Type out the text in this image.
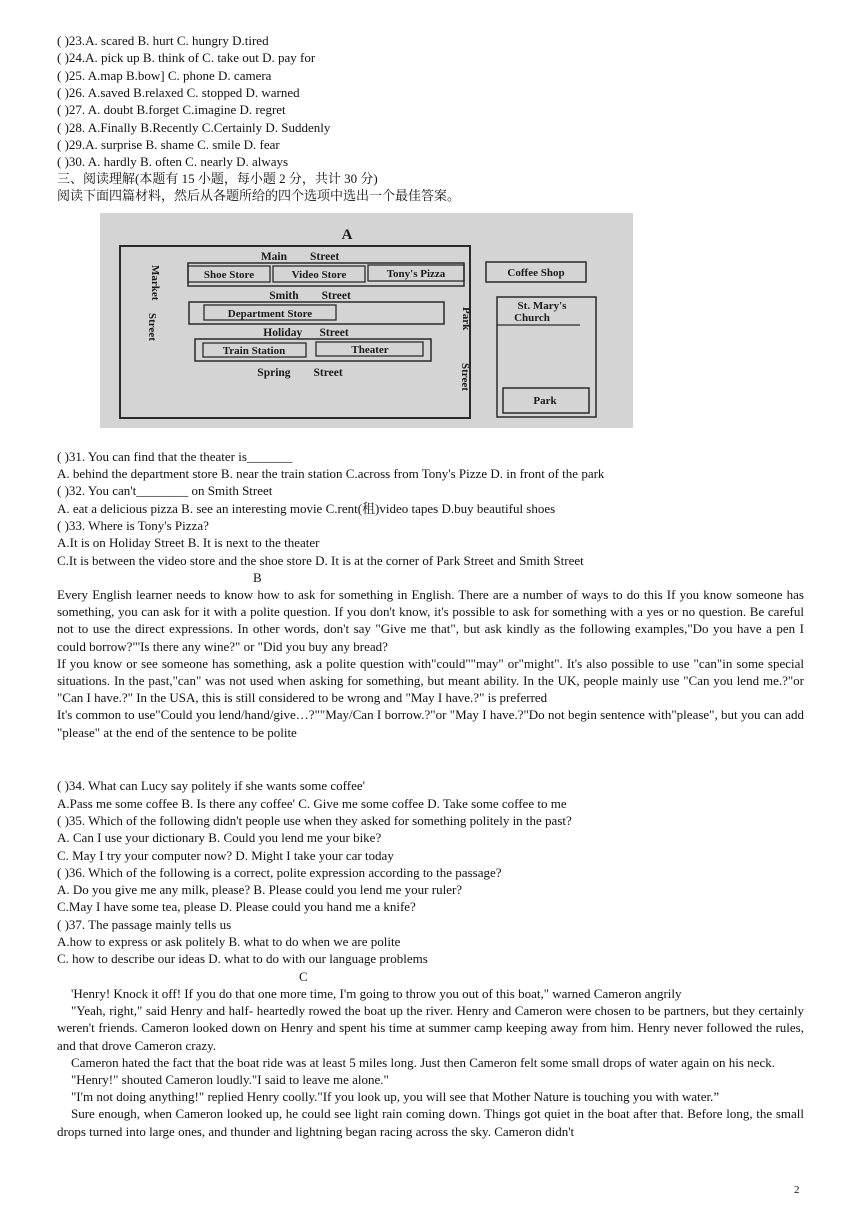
( )23.A. scared B. hurt C. hungry D.tired
( )24.A. pick up B. think of C. take out D. pay for
( )25. A.map B.bow] C. phone D. camera
( )26. A.saved B.relaxed C. stopped D. warned
( )27. A. doubt B.forget C.imagine D. regret
( )28. A.Finally B.Recently C.Certainly D. Suddenly
( )29.A. surprise B. shame C. smile D. fear
( )30. A. hardly B. often C. nearly D. always
三、阅读理解(本题有 15 小题，每小题 2 分，共计 30 分)
阅读下面四篇材料，然后从各题所给的四个选项中选出一个最佳答案。
A
Main        Street
Smith        Street
Holiday      Street
Spring        Street
Market
Street	Park
Street
Shoe Store	Video Store	Tony's Pizza	Coffee Shop
Department Store
St. Mary's
Church
Train Station	Theater
Park
( )31. You can find that the theater is_______
A. behind the department store B. near the train station C.across from Tony's Pizze D. in front of the park
( )32. You can't________ on Smith Street
A. eat a delicious pizza B. see an interesting movie C.rent(租)video tapes D.buy beautiful shoes
( )33. Where is Tony's Pizza?
A.It is on Holiday Street B. It is next to the theater
C.It is between the video store and the shoe store D. It is at the corner of Park Street and Smith Street
B

Every English learner needs to know how to ask for something in English. There are a number of ways to do this If you know someone has something, you can ask for it with a polite question. If you don't know, it's possible to ask for something with a yes or no question. Be careful not to use the direct expressions. In other words, don't say "Give me that", but ask kindly as the following examples,"Do you have a pen I could borrow?"'Is there any wine?" or "Did you buy any bread?

If you know or see someone has something, ask a polite question with"could""may" or"might". It's also possible to use "can"in some special situations. In the past,"can" was not used when asking for something, but meant ability. In the UK, people mainly use "Can you lend me.?"or "Can I have.?" In the USA, this is still considered to be wrong and "May I have.?" is preferred

It's common to use"Could you lend/hand/give…?""May/Can I borrow.?"or "May I have.?"Do not begin sentence with"please", but you can add "please" at the end of the sentence to be polite

( )34. What can Lucy say politely if she wants some coffee'
A.Pass me some coffee B. Is there any coffee' C. Give me some coffee D. Take some coffee to me
( )35. Which of the following didn't people use when they asked for something politely in the past?
A. Can I use your dictionary B. Could you lend me your bike?
C. May I try your computer now? D. Might I take your car today
( )36. Which of the following is a correct, polite expression according to the passage?
A. Do you give me any milk, please? B. Please could you lend me your ruler?
C.May I have some tea, please D. Please could you hand me a knife?
( )37. The passage mainly tells us
A.how to express or ask politely B. what to do when we are polite
C. how to describe our ideas D. what to do with our language problems
C

'Henry! Knock it off! If you do that one more time, I'm going to throw you out of this boat," warned Cameron angrily

"Yeah, right," said Henry and half- heartedly rowed the boat up the river. Henry and Cameron were chosen to be partners, but they certainly weren't friends. Cameron looked down on Henry and spent his time at summer camp keeping away from him. Henry never followed the rules, and that drove Cameron crazy.

Cameron hated the fact that the boat ride was at least 5 miles long. Just then Cameron felt some small drops of water again on his neck.

"Henry!" shouted Cameron loudly."I said to leave me alone."

"I'm not doing anything!" replied Henry coolly."If you look up, you will see that Mother Nature is touching you with water.”

Sure enough, when Cameron looked up, he could see light rain coming down. Things got quiet in the boat after that. Before long, the small drops turned into large ones, and thunder and lightning began racing across the sky. Cameron didn't

2
